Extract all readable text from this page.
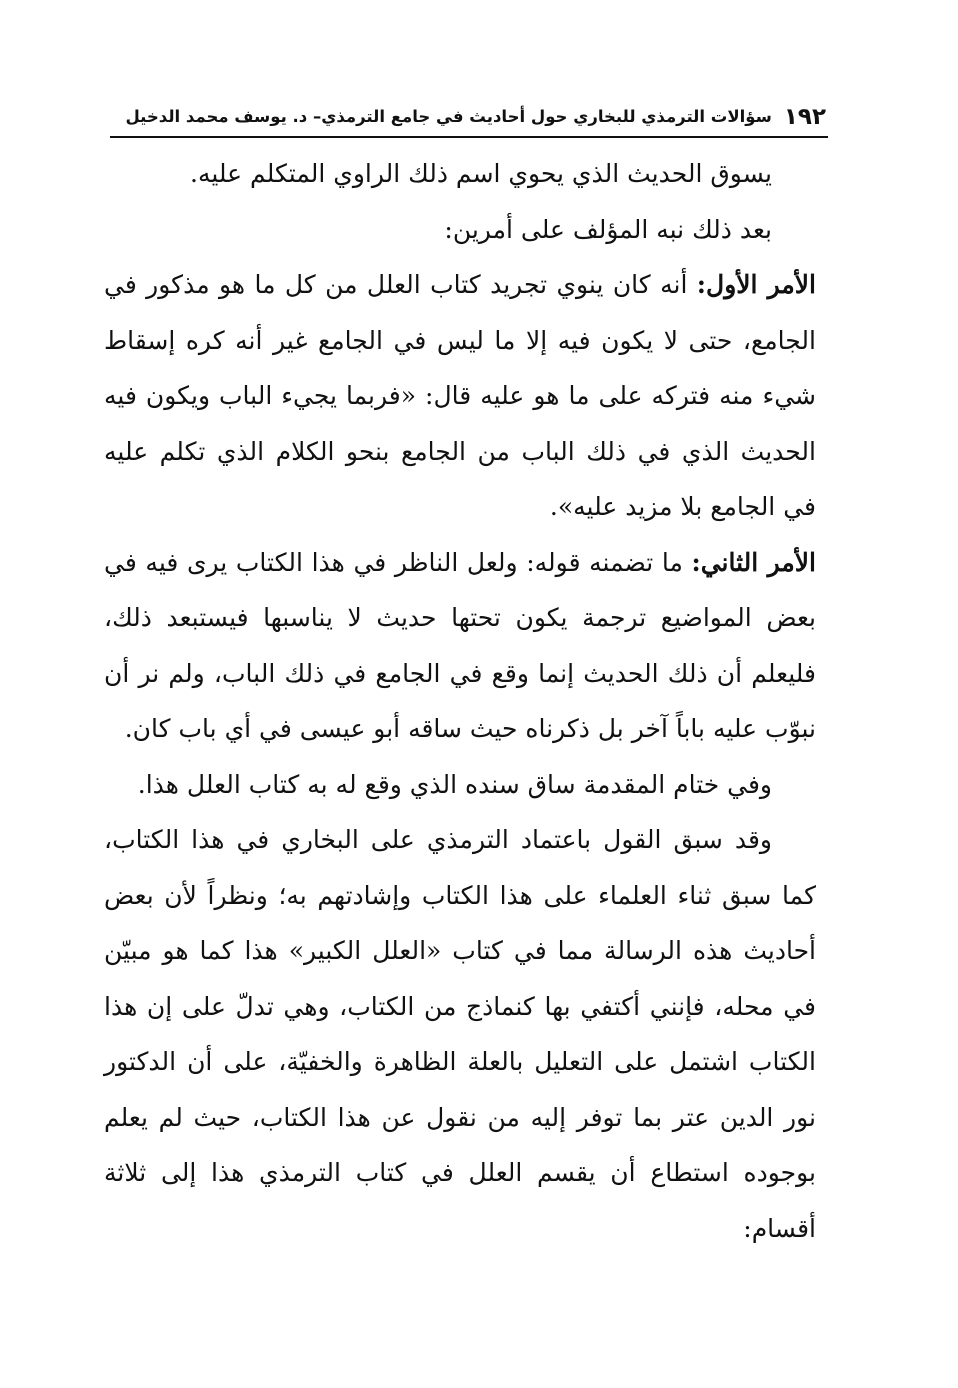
١٩٢
سؤالات الترمذي للبخاري حول أحاديث في جامع الترمذي– د. يوسف محمد الدخيل

يسوق الحديث الذي يحوي اسم ذلك الراوي المتكلم عليه.

بعد ذلك نبه المؤلف على أمرين:

الأمر الأول: أنه كان ينوي تجريد كتاب العلل من كل ما هو مذكور في الجامع، حتى لا يكون فيه إلا ما ليس في الجامع غير أنه كره إسقاط شيء منه فتركه على ما هو عليه قال: «فربما يجيء الباب ويكون فيه الحديث الذي في ذلك الباب من الجامع بنحو الكلام الذي تكلم عليه في الجامع بلا مزيد عليه».

الأمر الثاني: ما تضمنه قوله: ولعل الناظر في هذا الكتاب يرى فيه في بعض المواضيع ترجمة يكون تحتها حديث لا يناسبها فيستبعد ذلك، فليعلم أن ذلك الحديث إنما وقع في الجامع في ذلك الباب، ولم نر أن نبوّب عليه باباً آخر بل ذكرناه حيث ساقه أبو عيسى في أي باب كان.

وفي ختام المقدمة ساق سنده الذي وقع له به كتاب العلل هذا.

وقد سبق القول باعتماد الترمذي على البخاري في هذا الكتاب، كما سبق ثناء العلماء على هذا الكتاب وإشادتهم به؛ ونظراً لأن بعض أحاديث هذه الرسالة مما في كتاب «العلل الكبير» هذا كما هو مبيّن في محله، فإنني أكتفي بها كنماذج من الكتاب، وهي تدلّ على إن هذا الكتاب اشتمل على التعليل بالعلة الظاهرة والخفيّة، على أن الدكتور نور الدين عتر بما توفر إليه من نقول عن هذا الكتاب، حيث لم يعلم بوجوده استطاع أن يقسم العلل في كتاب الترمذي هذا إلى ثلاثة أقسام:
